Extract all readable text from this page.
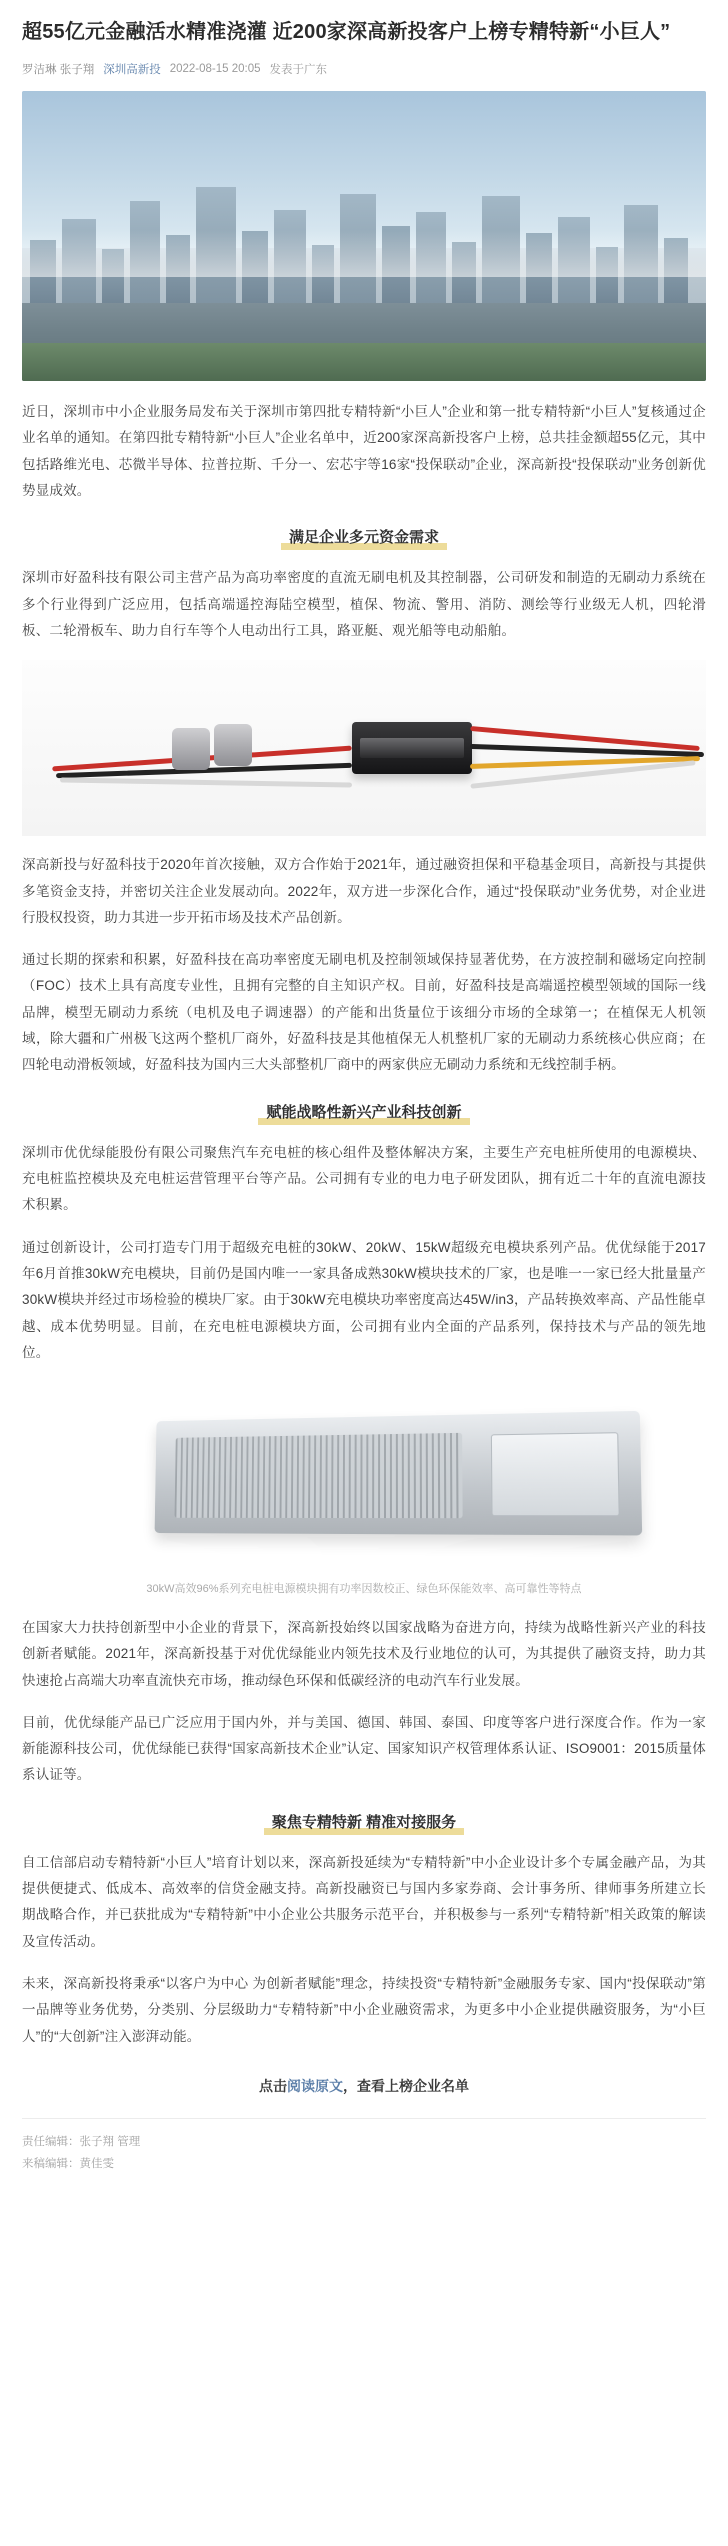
超55亿元金融活水精准浇灌 近200家深高新投客户上榜专精特新“小巨人”
罗洁琳 张子翔 深圳高新投 2022-08-15 20:05 发表于广东

近日，深圳市中小企业服务局发布关于深圳市第四批专精特新“小巨人”企业和第一批专精特新“小巨人”复核通过企业名单的通知。在第四批专精特新“小巨人”企业名单中，近200家深高新投客户上榜，总共挂金额超55亿元，其中包括路维光电、芯微半导体、拉普拉斯、千分一、宏芯宇等16家“投保联动”企业，深高新投“投保联动”业务创新优势显成效。

满足企业多元资金需求

深圳市好盈科技有限公司主营产品为高功率密度的直流无刷电机及其控制器，公司研发和制造的无刷动力系统在多个行业得到广泛应用，包括高端遥控海陆空模型，植保、物流、警用、消防、测绘等行业级无人机，四轮滑板、二轮滑板车、助力自行车等个人电动出行工具，路亚艇、观光船等电动船舶。

深高新投与好盈科技于2020年首次接触，双方合作始于2021年，通过融资担保和平稳基金项目，高新投与其提供多笔资金支持，并密切关注企业发展动向。2022年，双方进一步深化合作，通过“投保联动”业务优势，对企业进行股权投资，助力其进一步开拓市场及技术产品创新。

通过长期的探索和积累，好盈科技在高功率密度无刷电机及控制领域保持显著优势，在方波控制和磁场定向控制（FOC）技术上具有高度专业性，且拥有完整的自主知识产权。目前，好盈科技是高端遥控模型领域的国际一线品牌，模型无刷动力系统（电机及电子调速器）的产能和出货量位于该细分市场的全球第一；在植保无人机领域，除大疆和广州极飞这两个整机厂商外，好盈科技是其他植保无人机整机厂家的无刷动力系统核心供应商；在四轮电动滑板领域，好盈科技为国内三大头部整机厂商中的两家供应无刷动力系统和无线控制手柄。

赋能战略性新兴产业科技创新

深圳市优优绿能股份有限公司聚焦汽车充电桩的核心组件及整体解决方案，主要生产充电桩所使用的电源模块、充电桩监控模块及充电桩运营管理平台等产品。公司拥有专业的电力电子研发团队，拥有近二十年的直流电源技术积累。

通过创新设计，公司打造专门用于超级充电桩的30kW、20kW、15kW超级充电模块系列产品。优优绿能于2017年6月首推30kW充电模块，目前仍是国内唯一一家具备成熟30kW模块技术的厂家，也是唯一一家已经大批量量产30kW模块并经过市场检验的模块厂家。由于30kW充电模块功率密度高达45W/in3，产品转换效率高、产品性能卓越、成本优势明显。目前，在充电桩电源模块方面，公司拥有业内全面的产品系列，保持技术与产品的领先地位。

30kW高效96%系列充电桩电源模块拥有功率因数校正、绿色环保能效率、高可靠性等特点

在国家大力扶持创新型中小企业的背景下，深高新投始终以国家战略为奋进方向，持续为战略性新兴产业的科技创新者赋能。2021年，深高新投基于对优优绿能业内领先技术及行业地位的认可，为其提供了融资支持，助力其快速抢占高端大功率直流快充市场，推动绿色环保和低碳经济的电动汽车行业发展。

目前，优优绿能产品已广泛应用于国内外，并与美国、德国、韩国、泰国、印度等客户进行深度合作。作为一家新能源科技公司，优优绿能已获得“国家高新技术企业”认定、国家知识产权管理体系认证、ISO9001：2015质量体系认证等。

聚焦专精特新 精准对接服务

自工信部启动专精特新“小巨人”培育计划以来，深高新投延续为“专精特新”中小企业设计多个专属金融产品，为其提供便捷式、低成本、高效率的信贷金融支持。高新投融资已与国内多家券商、会计事务所、律师事务所建立长期战略合作，并已获批成为“专精特新”中小企业公共服务示范平台，并积极参与一系列“专精特新”相关政策的解读及宣传活动。

未来，深高新投将秉承“以客户为中心 为创新者赋能”理念，持续投资“专精特新”金融服务专家、国内“投保联动”第一品牌等业务优势，分类别、分层级助力“专精特新”中小企业融资需求，为更多中小企业提供融资服务，为“小巨人”的“大创新”注入澎湃动能。

点击阅读原文，查看上榜企业名单
责任编辑：张子翔 管理
来稿编辑：黄佳雯
